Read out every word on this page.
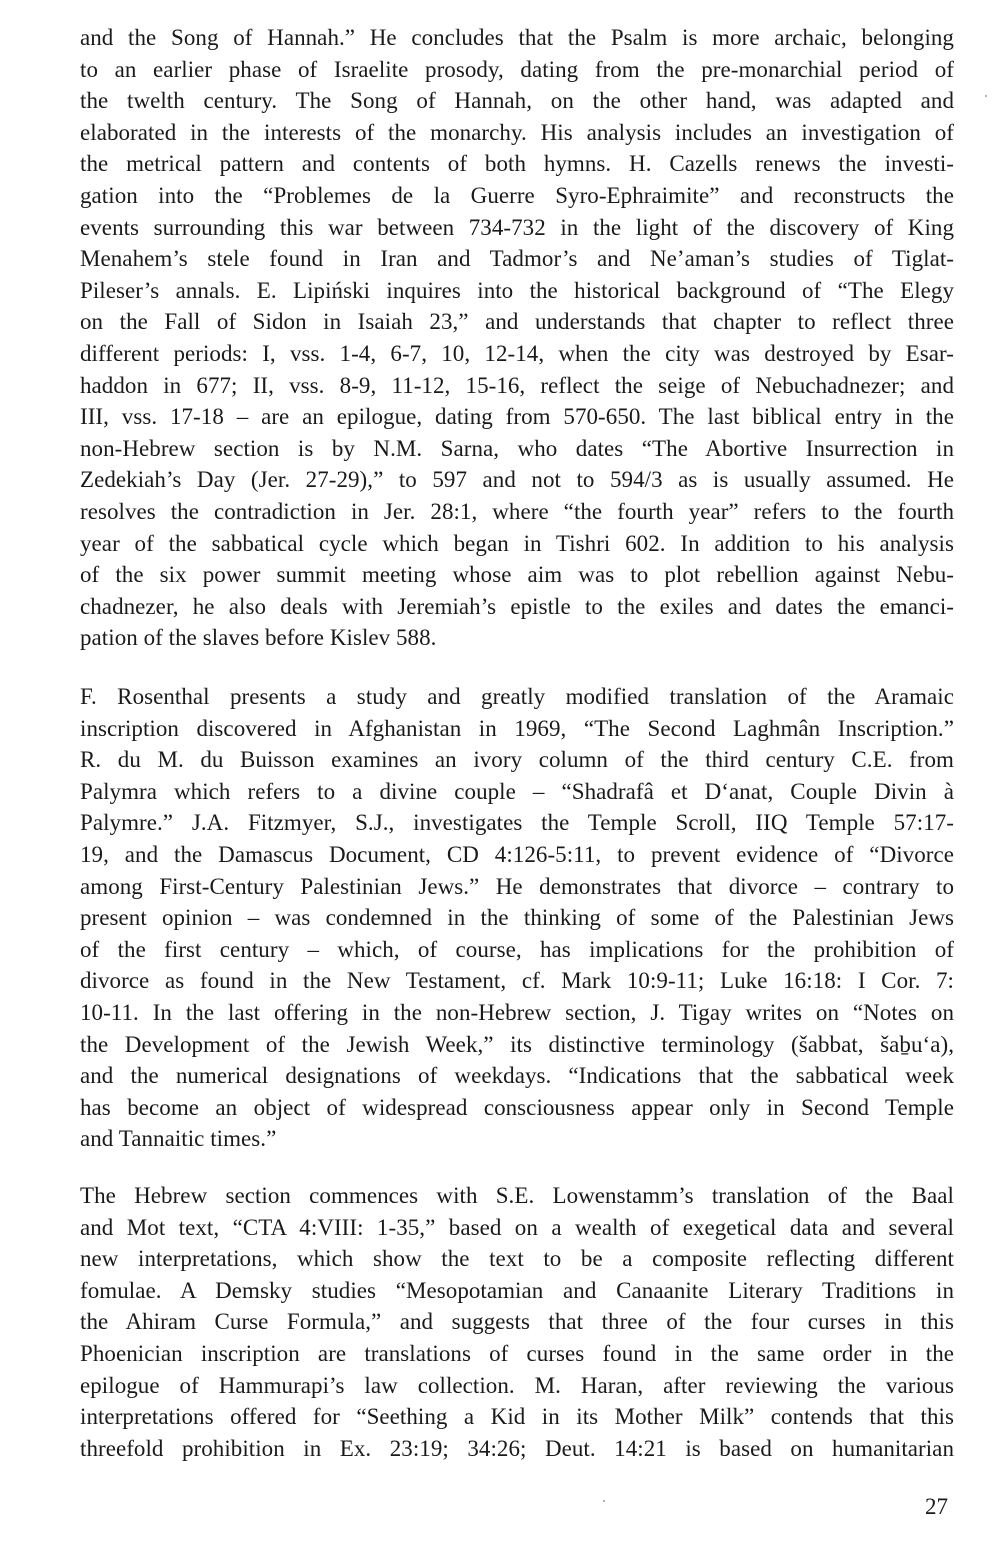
and the Song of Hannah.” He concludes that the Psalm is more archaic, belonging
to an earlier phase of Israelite prosody, dating from the pre-monarchial period of
the twelth century. The Song of Hannah, on the other hand, was adapted and
elaborated in the interests of the monarchy. His analysis includes an investigation of
the metrical pattern and contents of both hymns. H. Cazells renews the investi-
gation into the “Problemes de la Guerre Syro-Ephraimite” and reconstructs the
events surrounding this war between 734-732 in the light of the discovery of King
Menahem’s stele found in Iran and Tadmor’s and Ne’aman’s studies of Tiglat-
Pileser’s annals. E. Lipiński inquires into the historical background of “The Elegy
on the Fall of Sidon in Isaiah 23,” and understands that chapter to reflect three
different periods: I, vss. 1-4, 6-7, 10, 12-14, when the city was destroyed by Esar-
haddon in 677; II, vss. 8-9, 11-12, 15-16, reflect the seige of Nebuchadnezer; and
III, vss. 17-18 – are an epilogue, dating from 570-650. The last biblical entry in the
non-Hebrew section is by N.M. Sarna, who dates “The Abortive Insurrection in
Zedekiah’s Day (Jer. 27-29),” to 597 and not to 594/3 as is usually assumed. He
resolves the contradiction in Jer. 28:1, where “the fourth year” refers to the fourth
year of the sabbatical cycle which began in Tishri 602. In addition to his analysis
of the six power summit meeting whose aim was to plot rebellion against Nebu-
chadnezer, he also deals with Jeremiah’s epistle to the exiles and dates the emanci-
pation of the slaves before Kislev 588.
F. Rosenthal presents a study and greatly modified translation of the Aramaic
inscription discovered in Afghanistan in 1969, “The Second Laghmân Inscription.”
R. du M. du Buisson examines an ivory column of the third century C.E. from
Palymra which refers to a divine couple – “Shadrafâ et D‘anat, Couple Divin à
Palymre.” J.A. Fitzmyer, S.J., investigates the Temple Scroll, IIQ Temple 57:17-
19, and the Damascus Document, CD 4:126-5:11, to prevent evidence of “Divorce
among First-Century Palestinian Jews.” He demonstrates that divorce – contrary to
present opinion – was condemned in the thinking of some of the Palestinian Jews
of the first century – which, of course, has implications for the prohibition of
divorce as found in the New Testament, cf. Mark 10:9-11; Luke 16:18: I Cor. 7:
10-11. In the last offering in the non-Hebrew section, J. Tigay writes on “Notes on
the Development of the Jewish Week,” its distinctive terminology (šabbat, šaḇu‘a),
and the numerical designations of weekdays. “Indications that the sabbatical week
has become an object of widespread consciousness appear only in Second Temple
and Tannaitic times.”
The Hebrew section commences with S.E. Lowenstamm’s translation of the Baal
and Mot text, “CTA 4:VIII: 1-35,” based on a wealth of exegetical data and several
new interpretations, which show the text to be a composite reflecting different
fomulae. A Demsky studies “Mesopotamian and Canaanite Literary Traditions in
the Ahiram Curse Formula,” and suggests that three of the four curses in this
Phoenician inscription are translations of curses found in the same order in the
epilogue of Hammurapi’s law collection. M. Haran, after reviewing the various
interpretations offered for “Seething a Kid in its Mother Milk” contends that this
threefold prohibition in Ex. 23:19; 34:26; Deut. 14:21 is based on humanitarian
27
